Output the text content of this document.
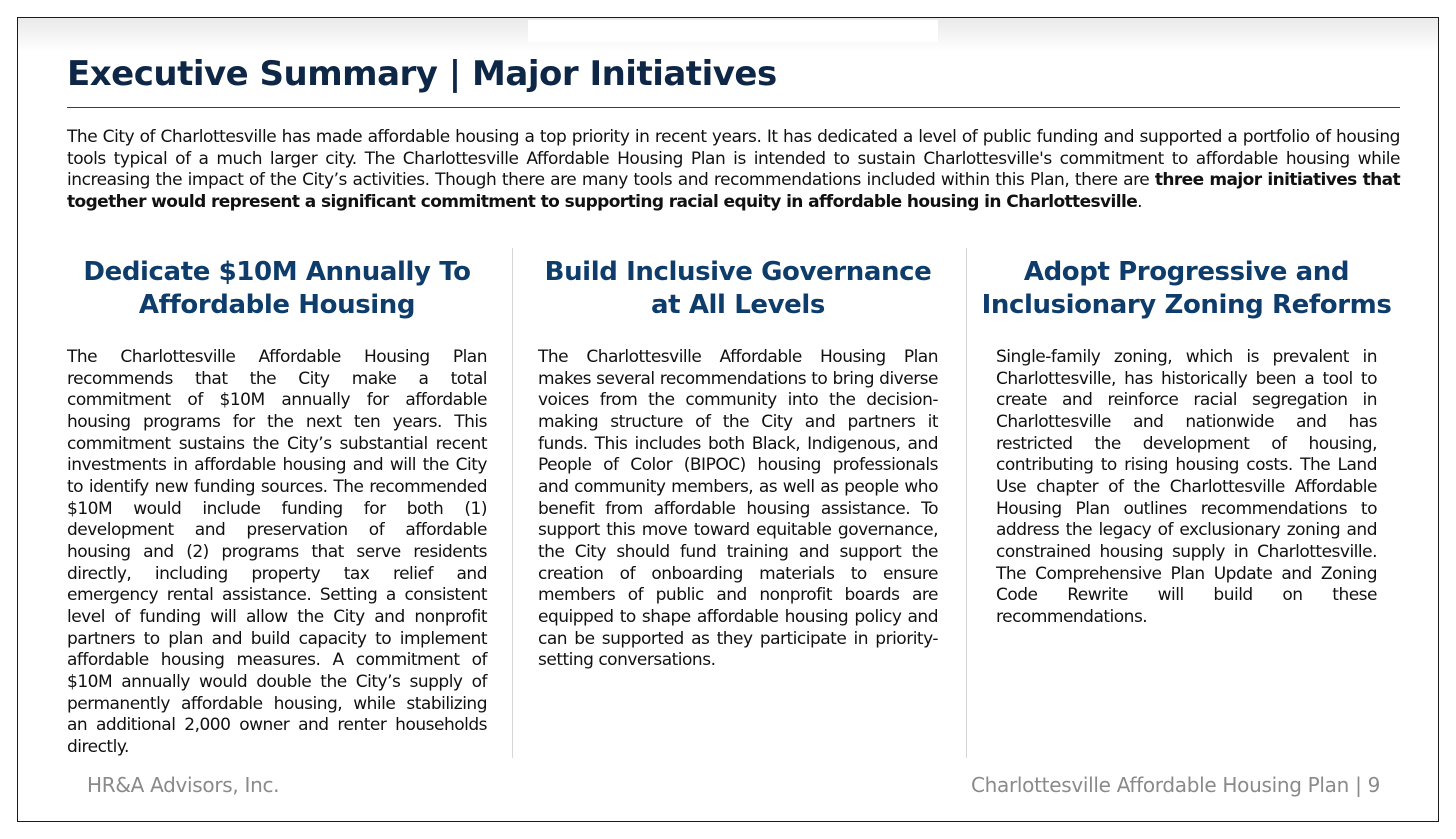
Executive Summary | Major Initiatives

The City of Charlottesville has made affordable housing a top priority in recent years. It has dedicated a level of public funding and supported a portfolio of housing tools typical of a much larger city. The Charlottesville Affordable Housing Plan is intended to sustain Charlottesville's commitment to affordable housing while increasing the impact of the City’s activities. Though there are many tools and recommendations included within this Plan, there are three major initiatives that together would represent a significant commitment to supporting racial equity in affordable housing in Charlottesville.

Dedicate $10M Annually To Affordable Housing

The Charlottesville Affordable Housing Plan recommends that the City make a total commitment of $10M annually for affordable housing programs for the next ten years. This commitment sustains the City’s substantial recent investments in affordable housing and will the City to identify new funding sources. The recommended $10M would include funding for both (1) development and preservation of affordable housing and (2) programs that serve residents directly, including property tax relief and emergency rental assistance. Setting a consistent level of funding will allow the City and nonprofit partners to plan and build capacity to implement affordable housing measures. A commitment of $10M annually would double the City’s supply of permanently affordable housing, while stabilizing an additional 2,000 owner and renter households directly.

Build Inclusive Governance at All Levels

The Charlottesville Affordable Housing Plan makes several recommendations to bring diverse voices from the community into the decision-making structure of the City and partners it funds. This includes both Black, Indigenous, and People of Color (BIPOC) housing professionals and community members, as well as people who benefit from affordable housing assistance. To support this move toward equitable governance, the City should fund training and support the creation of onboarding materials to ensure members of public and nonprofit boards are equipped to shape affordable housing policy and can be supported as they participate in priority-setting conversations.

Adopt Progressive and Inclusionary Zoning Reforms

Single-family zoning, which is prevalent in Charlottesville, has historically been a tool to create and reinforce racial segregation in Charlottesville and nationwide and has restricted the development of housing, contributing to rising housing costs. The Land Use chapter of the Charlottesville Affordable Housing Plan outlines recommendations to address the legacy of exclusionary zoning and constrained housing supply in Charlottesville. The Comprehensive Plan Update and Zoning Code Rewrite will build on these recommendations.

HR&A Advisors, Inc.	Charlottesville Affordable Housing Plan | 9
